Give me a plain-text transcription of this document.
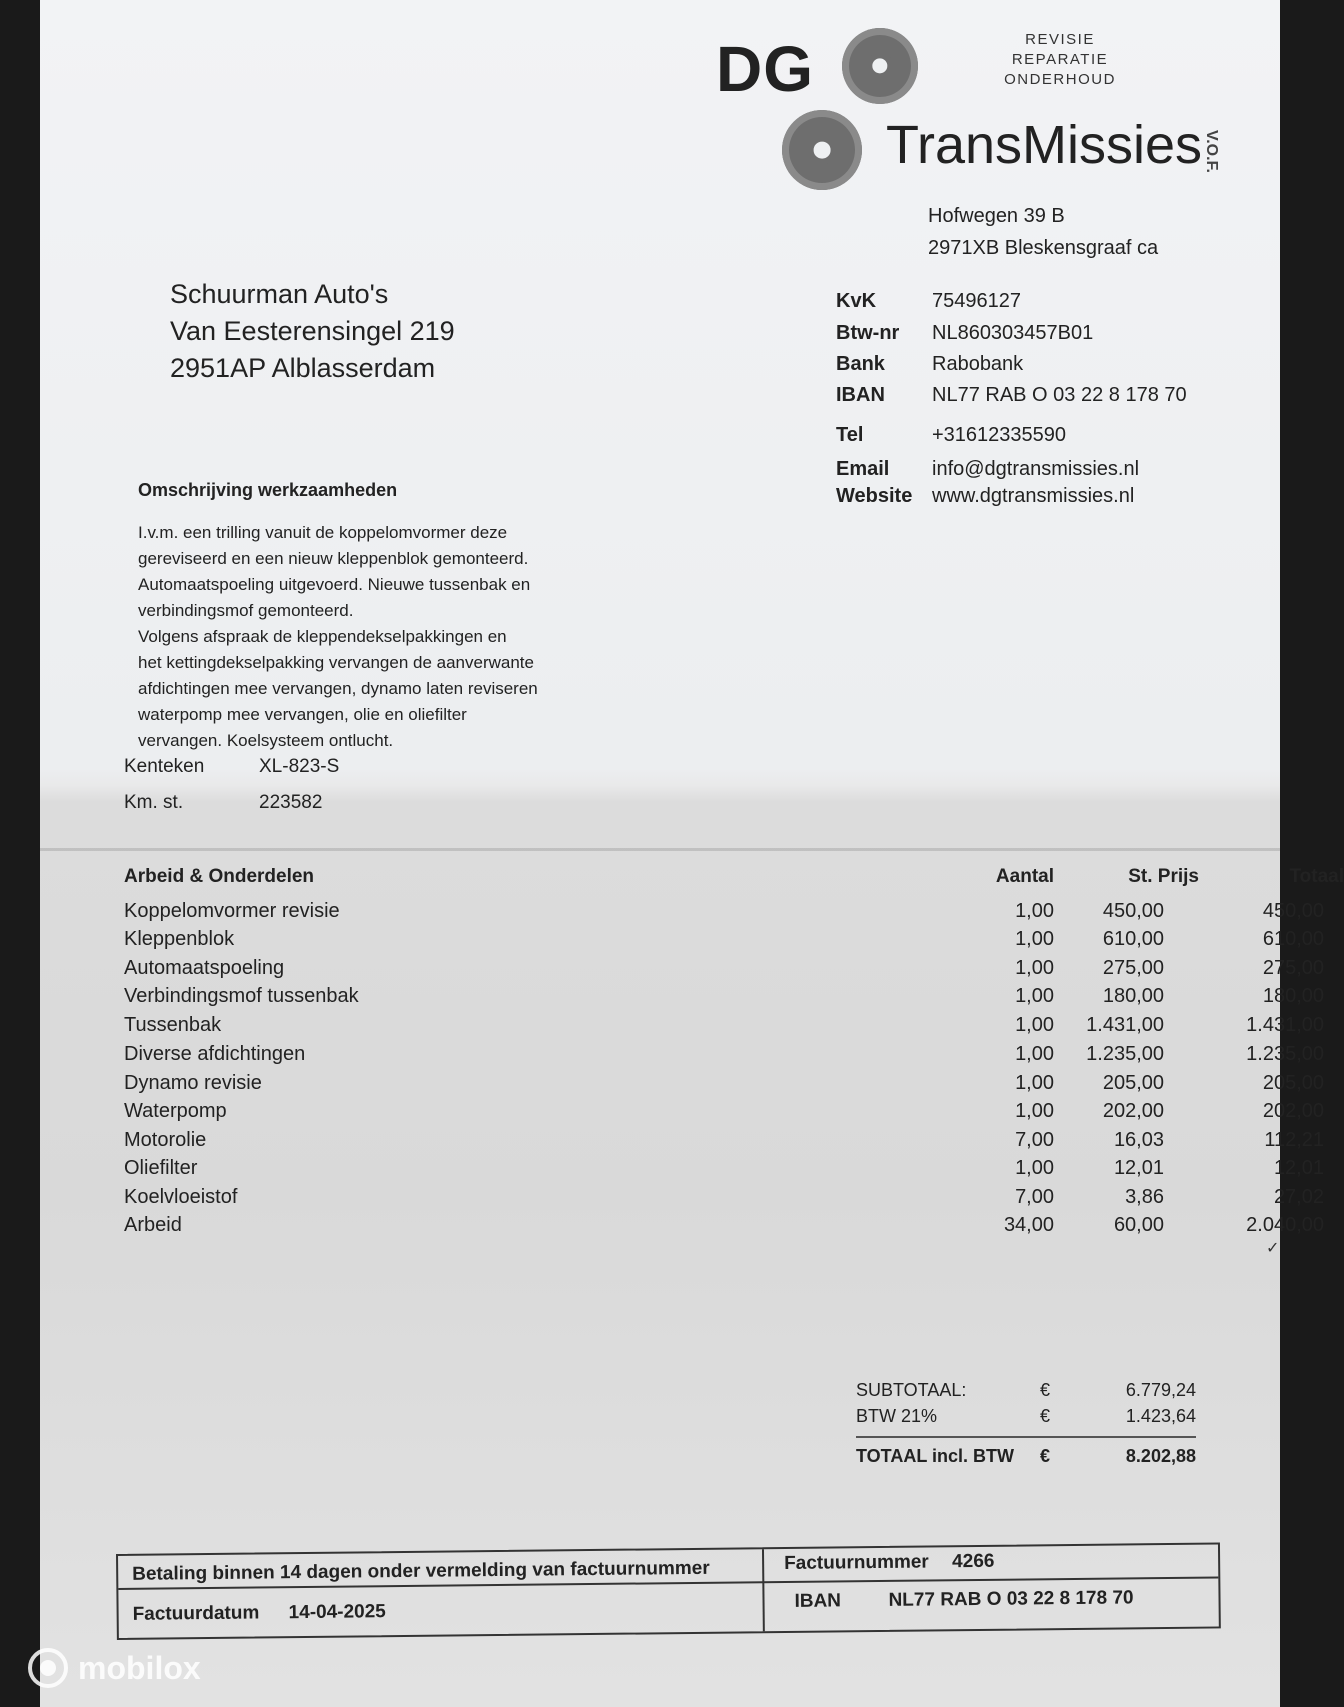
DG
TransMissies V.O.F.
REVISIE
REPARATIE
ONDERHOUD
Hofwegen 39 B
2971XB Bleskensgraaf ca
Schuurman Auto's
Van Eesterensingel 219
2951AP Alblasserdam
KvK	75496127
Btw-nr NL860303457B01
Bank Rabobank
IBAN NL77 RAB O 03 22 8 178 70
Tel	+31612335590
Email info@dgtransmissies.nl
Website www.dgtransmissies.nl
Omschrijving werkzaamheden
I.v.m. een trilling vanuit de koppelomvormer deze
gereviseerd en een nieuw kleppenblok gemonteerd.
Automaatspoeling uitgevoerd. Nieuwe tussenbak en
verbindingsmof gemonteerd.
Volgens afspraak de kleppendekselpakkingen en
het kettingdekselpakking vervangen de aanverwante
afdichtingen mee vervangen, dynamo laten reviseren
waterpomp mee vervangen, olie en oliefilter
vervangen. Koelsysteem ontlucht.
Kenteken	XL-823-S
Km. st.	223582
Arbeid & Onderdelen	Aantal	St. Prijs	Totaal
Koppelomvormer revisie	1,00	450,00	450,00
Kleppenblok	1,00	610,00	610,00
Automaatspoeling	1,00	275,00	275,00
Verbindingsmof tussenbak	1,00	180,00	180,00
Tussenbak	1,00	1.431,00	1.431,00
Diverse afdichtingen	1,00	1.235,00	1.235,00
Dynamo revisie	1,00	205,00	205,00
Waterpomp	1,00	202,00	202,00
Motorolie	7,00	16,03	112,21
Oliefilter	1,00	12,01	12,01
Koelvloeistof	7,00	3,86	27,02
Arbeid	34,00	60,00	2.040,00
✓
SUBTOTAAL:	€	6.779,24
BTW 21%	€	1.423,64
TOTAAL incl. BTW €	8.202,88
Betaling binnen 14 dagen onder vermelding van factuurnummer	Factuurnummer 4266
Factuurdatum 14-04-2025
IBAN NL77 RAB O 03 22 8 178 70
mobilox
